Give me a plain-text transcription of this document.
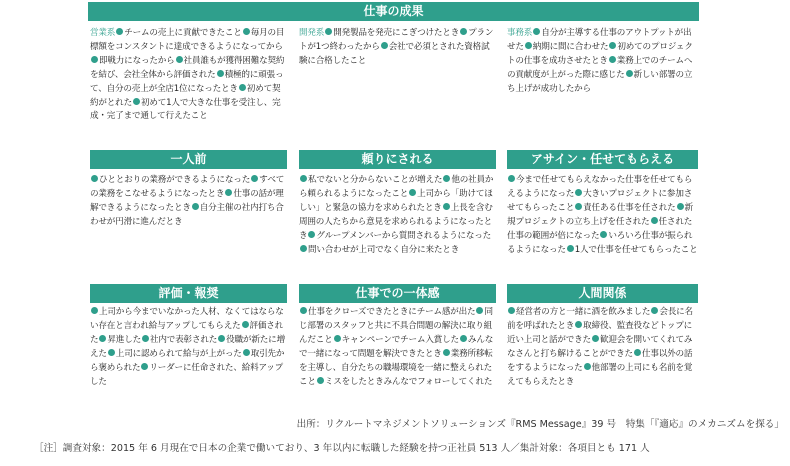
仕事の成果
営業系 チームの売上に貢献できたこと 毎月の目標額をコンスタントに達成できるようになってから即戦力になったから 社員誰もが獲得困難な契約を結び、会社全体から評価された 積極的に頑張って、自分の売上が全店1位になったとき 初めて契約がとれた 初めて1人で大きな仕事を受注し、完成・完了まで通して行えたこと
開発系 開発製品を発売にこぎつけたとき プラントが1つ終わったから 会社で必須とされた資格試験に合格したこと
事務系 自分が主導する仕事のアウトプットが出せた 納期に間に合わせた 初めてのプロジェクトの仕事を成功させたとき 業務上でのチームへの貢献度が上がった際に感じた 新しい部署の立ち上げが成功したから
一人前	頼りにされる	アサイン・任せてもらえる
ひととおりの業務ができるようになった すべての業務をこなせるようになったとき 仕事の話が理解できるようになったとき 自分主催の社内打ち合わせが円滑に進んだとき
私でないと分からないことが増えた 他の社員から頼られるようになったこと 上司から「助けてほしい」と緊急の協力を求められたとき 上長を含む周囲の人たちから意見を求められるようになったとき グループメンバーから質問されるようになった問い合わせが上司でなく自分に来たとき
今まで任せてもらえなかった仕事を任せてもらえるようになった 大きいプロジェクトに参加させてもらったこと 責任ある仕事を任された 新規プロジェクトの立ち上げを任された 任された仕事の範囲が倍になった いろいろ仕事が振られるようになった 1人で仕事を任せてもらったこと
評価・報奨	仕事での一体感	人間関係
上司から今までいなかった人材、なくてはならない存在と言われ給与アップしてもらえた 評価された 昇進した 社内で表彰された 役職が新たに増えた 上司に認められて給与が上がった 取引先から褒められた リーダーに任命された、給料アップした
仕事をクローズできたときにチーム感が出た 同じ部署のスタッフと共に不具合問題の解決に取り組んだこと キャンペーンでチーム入賞した みんなで一緒になって問題を解決できたとき 業務所移転を主導し、自分たちの職場環境を一緒に整えられたこと ミスをしたときみんなでフォローしてくれた
経営者の方と一緒に酒を飲みました 会長に名前を呼ばれたとき 取締役、監査役などトップに近い上司と話ができた 歓迎会を開いてくれてみなさんと打ち解けることができた 仕事以外の話をするようになった 他部署の上司にも名前を覚えてもらえたとき
出所：リクルートマネジメントソリューションズ『RMS Message』39 号　特集「『適応』のメカニズムを探る」
［注］調査対象：2015 年 6 月現在で日本の企業で働いており、3 年以内に転職した経験を持つ正社員 513 人／集計対象：各項目とも 171 人
